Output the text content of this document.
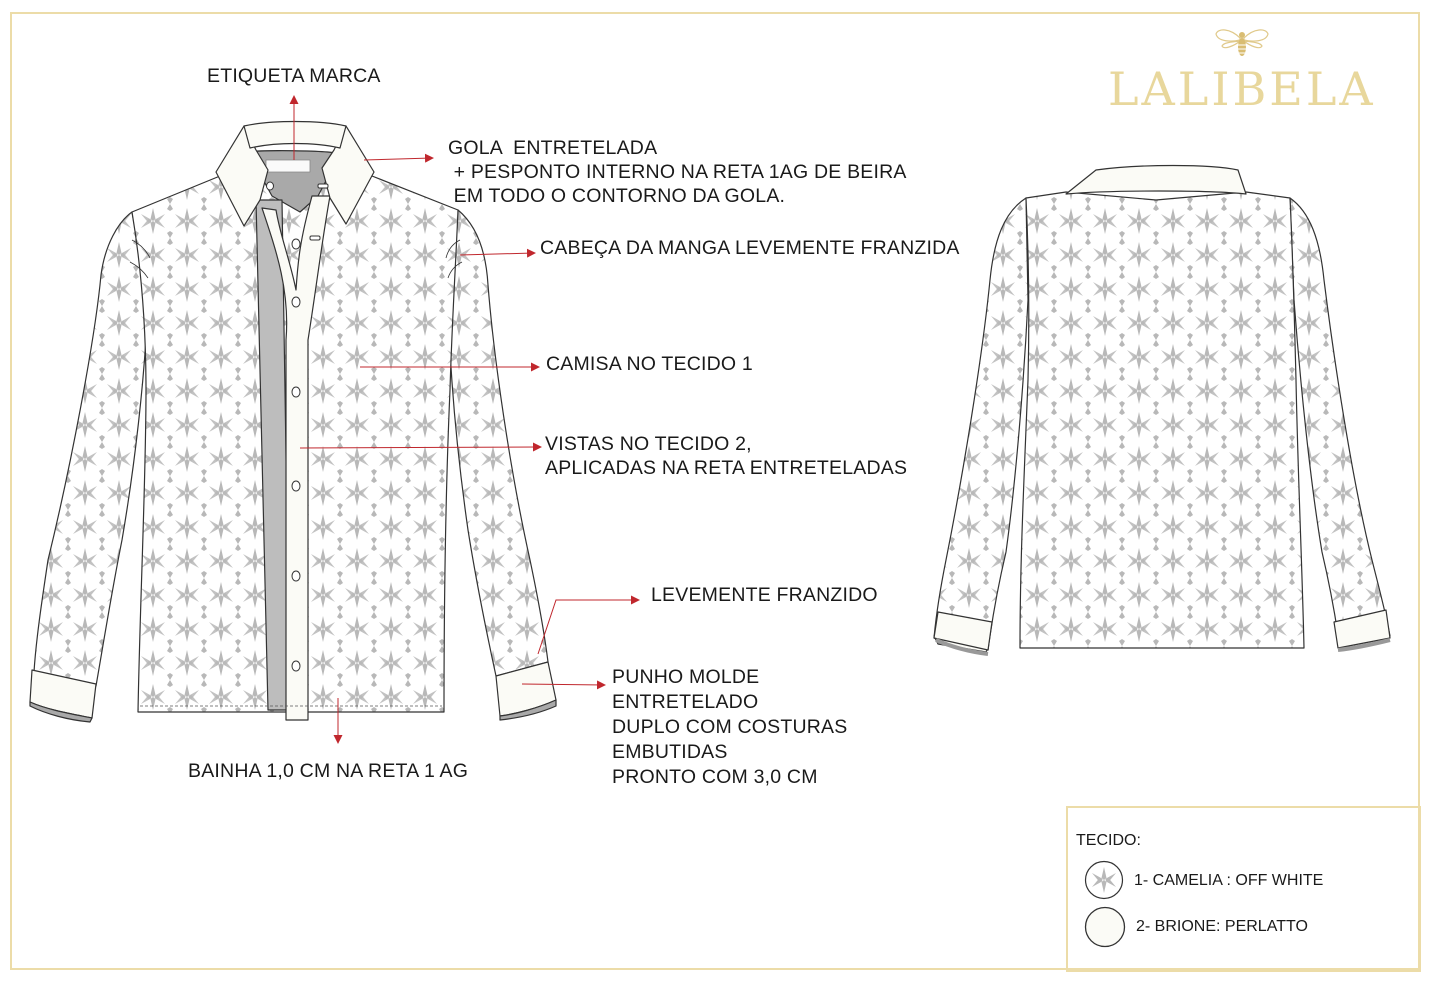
LALIBELA
ETIQUETA MARCA
GOLA  ENTRETELADA
+ PESPONTO INTERNO NA RETA 1AG DE BEIRA
EM TODO O CONTORNO DA GOLA.
CABEÇA DA MANGA LEVEMENTE FRANZIDA
CAMISA NO TECIDO 1
VISTAS NO TECIDO 2,
APLICADAS NA RETA ENTRETELADAS
LEVEMENTE FRANZIDO
PUNHO MOLDE
ENTRETELADO
DUPLO COM COSTURAS
EMBUTIDAS
PRONTO COM 3,0 CM
BAINHA 1,0 CM NA RETA 1 AG
TECIDO:
1- CAMELIA : OFF WHITE
2- BRIONE: PERLATTO
